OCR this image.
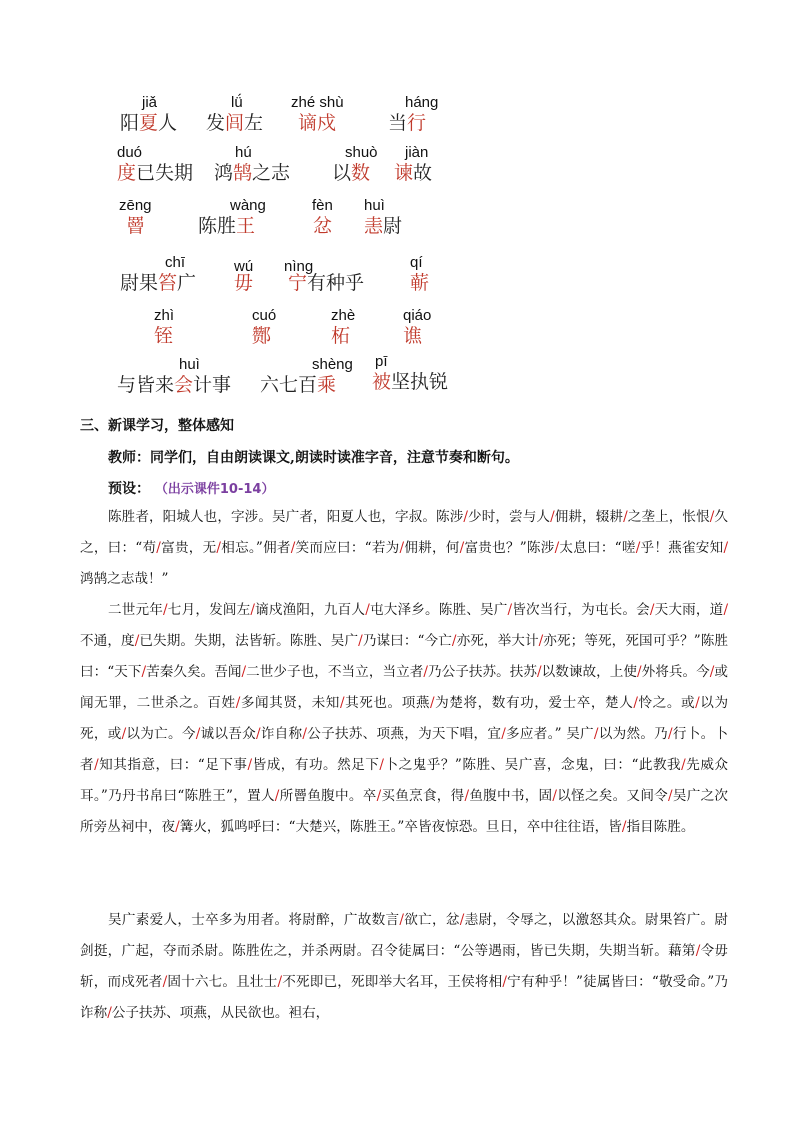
jiǎ
阳夏人
lǘ
发闾左
zhé shù
谪戍
háng
当行
duó
度已失期
hú
鸿鹄之志
shuò
以数
jiàn
谏故
zēng
罾
wàng
陈胜王
fèn
忿
huì
恚尉
chī
尉果笞广
wú
毋
nìng
宁有种乎
qí
蕲
zhì
铚
cuó
酂
zhè
柘
qiáo
谯
huì
与皆来会计事
shèng
六七百乘
pī
被坚执锐
三、新课学习，整体感知
教师：同学们，自由朗读课文,朗读时读准字音，注意节奏和断句。
预设： （出示课件10-14）

陈胜者，阳城人也，字涉。吴广者，阳夏人也，字叔。陈涉/少时，尝与人/佣耕，辍耕/之垄上，怅恨/久之，曰：“苟/富贵，无/相忘。”佣者/笑而应曰：“若为/佣耕，何/富贵也？”陈涉/太息曰：“嗟/乎！燕雀安知/鸿鹄之志哉！”

二世元年/七月，发闾左/谪戍渔阳，九百人/屯大泽乡。陈胜、吴广/皆次当行，为屯长。会/天大雨，道/不通，度/已失期。失期，法皆斩。陈胜、吴广/乃谋曰：“今亡/亦死，举大计/亦死；等死，死国可乎？”陈胜曰：“天下/苦秦久矣。吾闻/二世少子也，不当立，当立者/乃公子扶苏。扶苏/以数谏故，上使/外将兵。今/或闻无罪，二世杀之。百姓/多闻其贤，未知/其死也。项燕/为楚将，数有功，爱士卒，楚人/怜之。或/以为死，或/以为亡。今/诚以吾众/诈自称/公子扶苏、项燕，为天下唱，宜/多应者。” 吴广/以为然。乃/行卜。卜者/知其指意，曰：“足下事/皆成，有功。然足下/卜之鬼乎？”陈胜、吴广喜，念鬼，曰：“此教我/先威众耳。”乃丹书帛曰“陈胜王”，置人/所罾鱼腹中。卒/买鱼烹食，得/鱼腹中书，固/以怪之矣。又间令/吴广之次所旁丛祠中，夜/篝火，狐鸣呼曰：“大楚兴，陈胜王。”卒皆夜惊恐。旦日，卒中往往语，皆/指目陈胜。

吴广素爱人，士卒多为用者。将尉醉，广故数言/欲亡，忿/恚尉，令辱之，以激怒其众。尉果笞广。尉剑挺，广起，夺而杀尉。陈胜佐之，并杀两尉。召令徒属曰：“公等遇雨，皆已失期，失期当斩。藉第/令毋斩，而戍死者/固十六七。且壮士/不死即已，死即举大名耳，王侯将相/宁有种乎！”徒属皆曰：“敬受命。”乃诈称/公子扶苏、项燕，从民欲也。袒右，
